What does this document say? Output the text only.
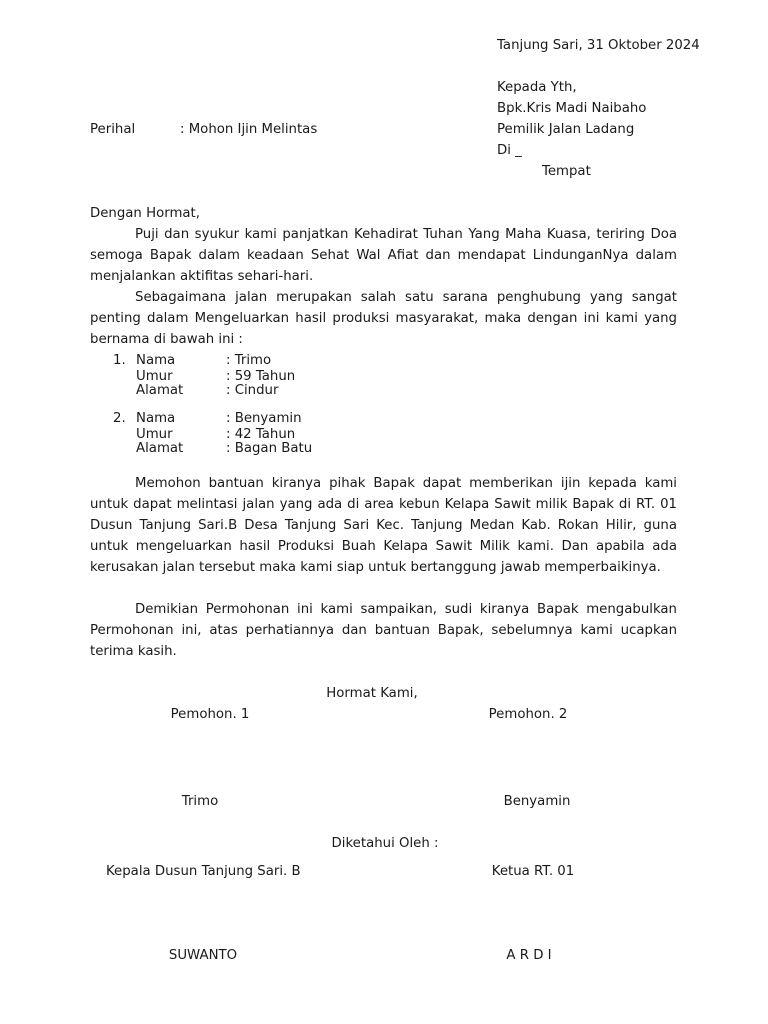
Tanjung Sari, 31 Oktober 2024
Kepada Yth,
Bpk.Kris Madi Naibaho
Pemilik Jalan Ladang
Di _
Tempat
Perihal	: Mohon Ijin Melintas
Dengan Hormat,
Puji dan syukur kami panjatkan Kehadirat Tuhan Yang Maha Kuasa, teriring Doa semoga Bapak dalam keadaan Sehat Wal Afiat dan mendapat LindunganNya dalam menjalankan aktifitas sehari-hari.
Sebagaimana jalan merupakan salah satu sarana penghubung yang sangat penting dalam Mengeluarkan hasil produksi masyarakat, maka dengan ini kami yang bernama di bawah ini :
1. Nama	: Trimo
Umur	: 59 Tahun
Alamat	: Cindur
2. Nama	: Benyamin
Umur	: 42 Tahun
Alamat	: Bagan Batu
Memohon bantuan kiranya pihak Bapak dapat memberikan ijin kepada kami untuk dapat melintasi jalan yang ada di area kebun Kelapa Sawit milik Bapak di RT. 01 Dusun Tanjung Sari.B Desa Tanjung Sari Kec. Tanjung Medan Kab. Rokan Hilir, guna untuk mengeluarkan hasil Produksi Buah Kelapa Sawit Milik kami. Dan apabila ada kerusakan jalan tersebut maka kami siap untuk bertanggung jawab memperbaikinya.
Demikian Permohonan ini kami sampaikan, sudi kiranya Bapak mengabulkan Permohonan ini, atas perhatiannya dan bantuan Bapak, sebelumnya kami ucapkan terima kasih.
Hormat Kami,
Pemohon. 1	Pemohon. 2
Trimo	Benyamin
Diketahui Oleh :
Kepala Dusun Tanjung Sari. B	Ketua RT. 01
SUWANTO	A R D I
